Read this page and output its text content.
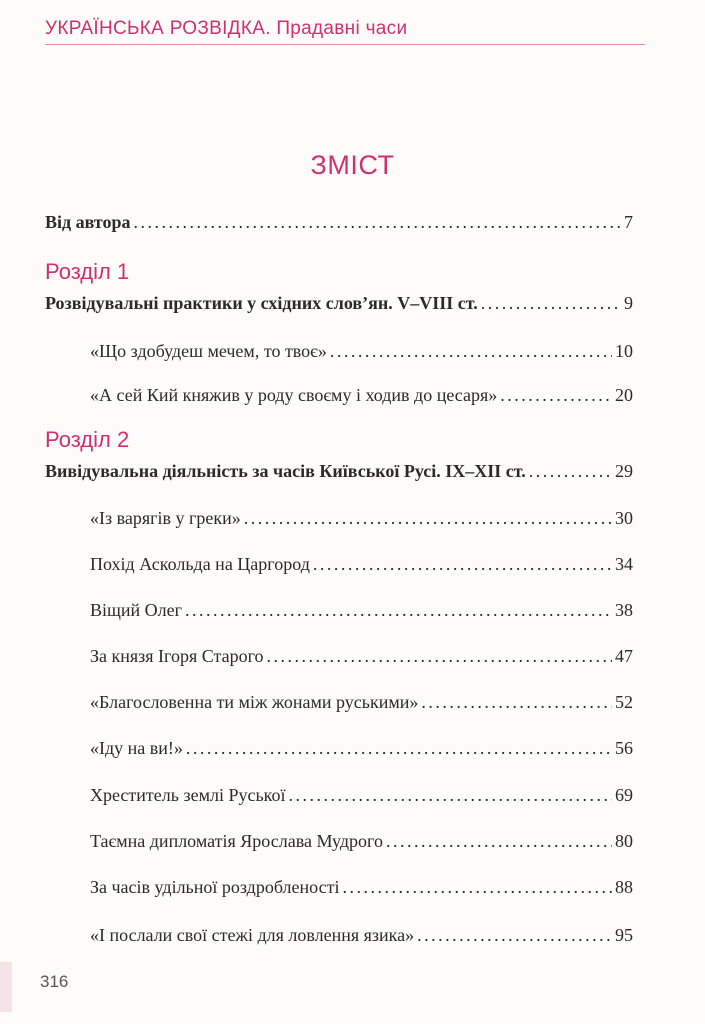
УКРАЇНСЬКА РОЗВІДКА. Прадавні часи
ЗМІСТ
Від автора . . .	7
Розділ 1
Розвідувальні практики у східних слов’ян. V–VIII ст. . . .	9
«Що здобудеш мечем, то твоє» . . .	10
«А сей Кий княжив у роду своєму і ходив до цесаря» . . .	20
Розділ 2
Вивідувальна діяльність за часів Київської Русі. IX–XII ст. . . .	29
«Із варягів у греки» . . .	30
Похід Аскольда на Царгород . . .	34
Віщий Олег . . .	38
За князя Ігоря Старого . . .	47
«Благословенна ти між жонами руськими» . . .	52
«Іду на ви!» . . .	56
Хреститель землі Руської . . .	69
Таємна дипломатія Ярослава Мудрого . . .	80
За часів удільної роздробленості . . .	88
«І послали свої стежі для ловлення язика» . . .	95
316
